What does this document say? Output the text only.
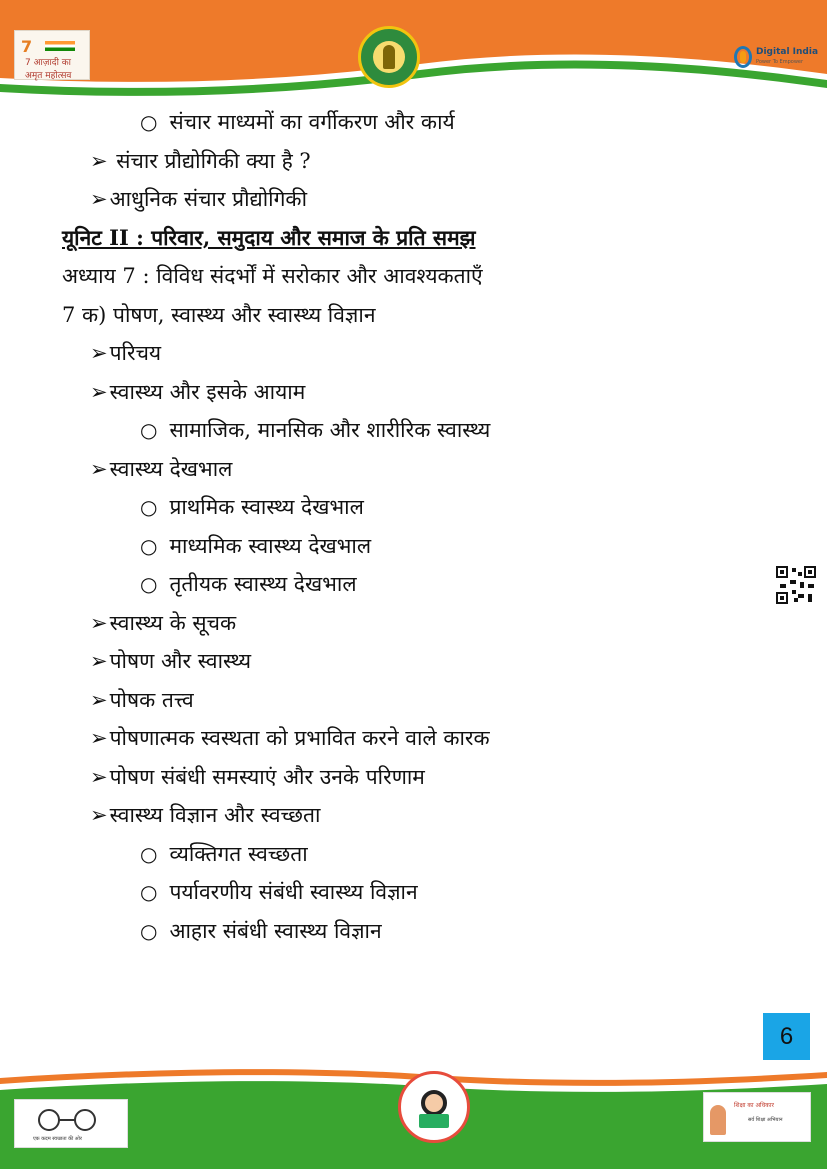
7
7 आज़ादी का अमृत महोत्सव
Digital India
Power To Empower
○ संचार माध्यमों का वर्गीकरण और कार्य
➢ संचार प्रौद्योगिकी क्या है ?
➢आधुनिक संचार प्रौद्योगिकी
यूनिट II : परिवार, समुदाय और समाज के प्रति समझ
अध्याय 7 : विविध संदर्भों में सरोकार और आवश्यकताएँ
7 क) पोषण, स्वास्थ्य और स्वास्थ्य विज्ञान
➢परिचय
➢स्वास्थ्य और इसके आयाम
○ सामाजिक, मानसिक और शारीरिक स्वास्थ्य
➢स्वास्थ्य देखभाल
○ प्राथमिक स्वास्थ्य देखभाल
○ माध्यमिक स्वास्थ्य देखभाल
○ तृतीयक स्वास्थ्य देखभाल
➢स्वास्थ्य के सूचक
➢पोषण और स्वास्थ्य
➢पोषक तत्त्व
➢पोषणात्मक स्वस्थता को प्रभावित करने वाले कारक
➢पोषण संबंधी समस्याएं और उनके परिणाम
➢स्वास्थ्य विज्ञान और स्वच्छता
○ व्यक्तिगत स्वच्छता
○ पर्यावरणीय संबंधी स्वास्थ्य विज्ञान
○ आहार संबंधी स्वास्थ्य विज्ञान
6
एक कदम स्वच्छता की ओर
शिक्षा का अधिकार
सर्व शिक्षा अभियान
